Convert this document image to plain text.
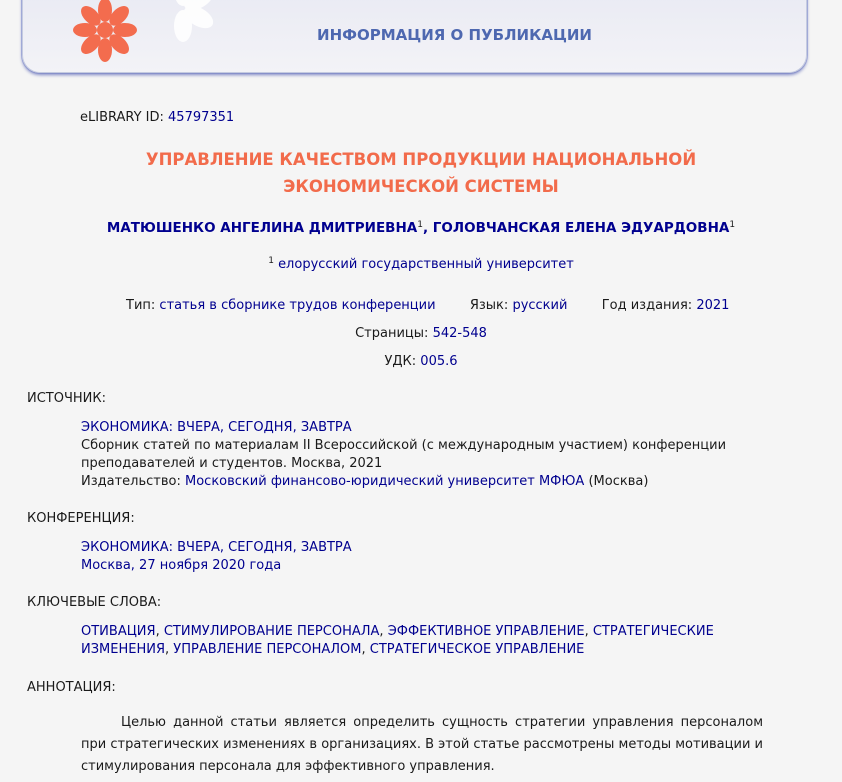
ИНФОРМАЦИЯ О ПУБЛИКАЦИИ
eLIBRARY ID: 45797351
УПРАВЛЕНИЕ КАЧЕСТВОМ ПРОДУКЦИИ НАЦИОНАЛЬНОЙ
ЭКОНОМИЧЕСКОЙ СИСТЕМЫ
МАТЮШЕНКО АНГЕЛИНА ДМИТРИЕВНА$^1$, ГОЛОВЧАНСКАЯ ЕЛЕНА ЭДУАРДОВНА$^1$
$^1$ елорусский государственный университет
Тип: статья в сборнике трудов конференции	Язык: русский	Год издания: 2021
Страницы: 542-548
УДК: 005.6
ИСТОЧНИК:
ЭКОНОМИКА: ВЧЕРА, СЕГОДНЯ, ЗАВТРА
Сборник статей по материалам II Всероссийской (с международным участием) конференции
преподавателей и студентов. Москва, 2021
Издательство: Московский финансово-юридический университет МФЮА (Москва)
КОНФЕРЕНЦИЯ:
ЭКОНОМИКА: ВЧЕРА, СЕГОДНЯ, ЗАВТРА
Москва, 27 ноября 2020 года
КЛЮЧЕВЫЕ СЛОВА:
ОТИВАЦИЯ, СТИМУЛИРОВАНИЕ ПЕРСОНАЛА, ЭФФЕКТИВНОЕ УПРАВЛЕНИЕ, СТРАТЕГИЧЕСКИЕ ИЗМЕНЕНИЯ, УПРАВЛЕНИЕ ПЕРСОНАЛОМ, СТРАТЕГИЧЕСКОЕ УПРАВЛЕНИЕ
АННОТАЦИЯ:
Целью данной статьи является определить сущность стратегии управления персоналом при стратегических изменениях в организациях. В этой статье рассмотрены методы мотивации и стимулирования персонала для эффективного управления.
